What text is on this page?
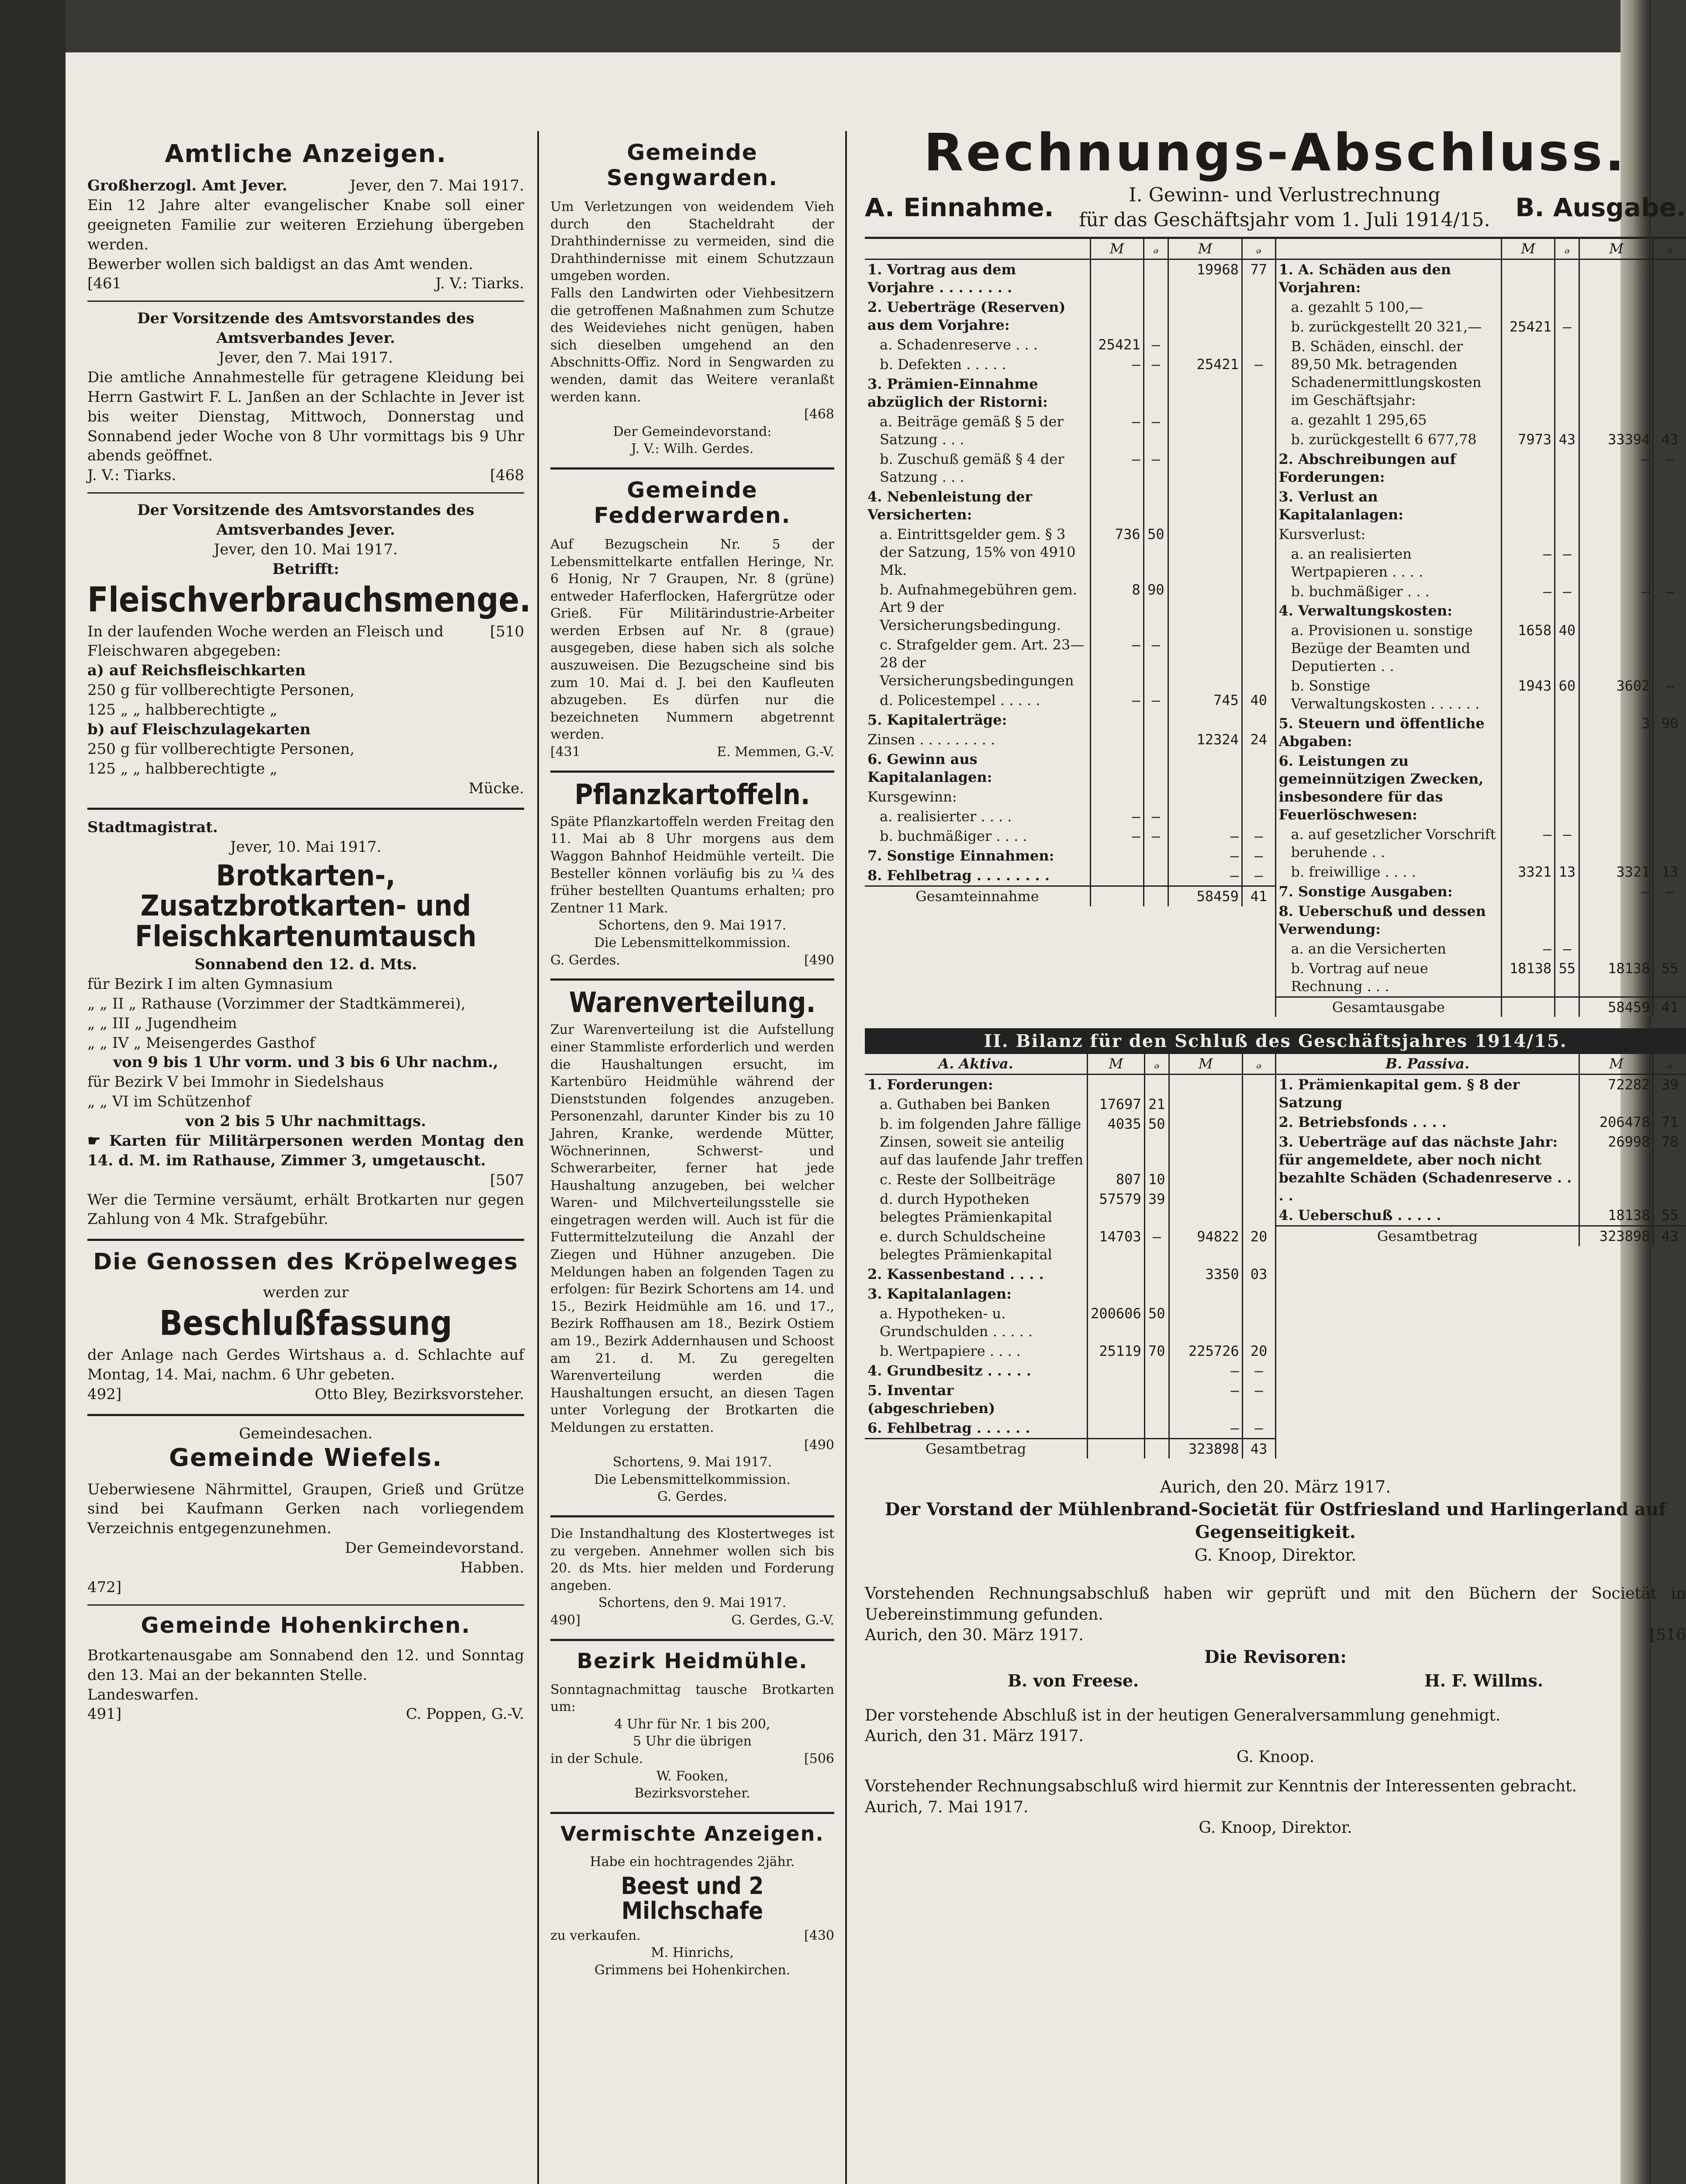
Amtliche Anzeigen.
Großherzogl. Amt Jever.	Jever, den 7. Mai 1917.

Ein 12 Jahre alter evangelischer Knabe soll einer geeigneten Familie zur weiteren Erziehung übergeben werden.

Bewerber wollen sich baldigst an das Amt wenden.

[461	J. V.: Tiarks.

Der Vorsitzende des Amtsvorstandes des Amtsverbandes Jever.

Jever, den 7. Mai 1917.

Die amtliche Annahmestelle für getragene Kleidung bei Herrn Gastwirt F. L. Janßen an der Schlachte in Jever ist bis weiter Dienstag, Mittwoch, Donnerstag und Sonnabend jeder Woche von 8 Uhr vormittags bis 9 Uhr abends geöffnet.

J. V.: Tiarks.	[468

Der Vorsitzende des Amtsvorstandes des Amtsverbandes Jever.

Jever, den 10. Mai 1917.

Betrifft:

Fleischverbrauchsmenge.
In der laufenden Woche werden an Fleisch und Fleischwaren abgegeben:
[510

a) auf Reichsfleischkarten

250 g für vollberechtigte Personen,

125 „ „ halbberechtigte „

b) auf Fleischzulagekarten

250 g für vollberechtigte Personen,

125 „ „ halbberechtigte „

Mücke.

Stadtmagistrat.

Jever, 10. Mai 1917.

Brotkarten-, Zusatzbrotkarten- und Fleischkartenumtausch

Sonnabend den 12. d. Mts.

für Bezirk I im alten Gymnasium

„ „ II „ Rathause (Vorzimmer der Stadtkämmerei),

„ „ III „ Jugendheim

„ „ IV „ Meisengerdes Gasthof

von 9 bis 1 Uhr vorm. und 3 bis 6 Uhr nachm.,

für Bezirk V bei Immohr in Siedelshaus

„ „ VI im Schützenhof

von 2 bis 5 Uhr nachmittags.

☛ Karten für Militärpersonen werden Montag den 14. d. M. im Rathause, Zimmer 3, umgetauscht.

[507

Wer die Termine versäumt, erhält Brotkarten nur gegen Zahlung von 4 Mk. Strafgebühr.

Die Genossen des Kröpelweges

werden zur

Beschlußfassung

der Anlage nach Gerdes Wirtshaus a. d. Schlachte auf Montag, 14. Mai, nachm. 6 Uhr gebeten.

492]	Otto Bley, Bezirksvorsteher.

Gemeindesachen.

Gemeinde Wiefels.

Ueberwiesene Nährmittel, Graupen, Grieß und Grütze sind bei Kaufmann Gerken nach vorliegendem Verzeichnis entgegenzunehmen.

Der Gemeindevorstand.

Habben.

472]

Gemeinde Hohenkirchen.

Brotkartenausgabe am Sonnabend den 12. und Sonntag den 13. Mai an der bekannten Stelle.

Landeswarfen.

491]	C. Poppen, G.-V.
Gemeinde Sengwarden.

Um Verletzungen von weidendem Vieh durch den Stacheldraht der Drahthindernisse zu vermeiden, sind die Drahthindernisse mit einem Schutzzaun umgeben worden.

Falls den Landwirten oder Viehbesitzern die getroffenen Maßnahmen zum Schutze des Weideviehes nicht genügen, haben sich dieselben umgehend an den Abschnitts-Offiz. Nord in Sengwarden zu wenden, damit das Weitere veranlaßt werden kann.

[468

Der Gemeindevorstand:

J. V.: Wilh. Gerdes.

Gemeinde Fedderwarden.

Auf Bezugschein Nr. 5 der Lebensmittelkarte entfallen Heringe, Nr. 6 Honig, Nr 7 Graupen, Nr. 8 (grüne) entweder Haferflocken, Hafergrütze oder Grieß. Für Militärindustrie-Arbeiter werden Erbsen auf Nr. 8 (graue) ausgegeben, diese haben sich als solche auszuweisen. Die Bezugscheine sind bis zum 10. Mai d. J. bei den Kaufleuten abzugeben. Es dürfen nur die bezeichneten Nummern abgetrennt werden.

[431	E. Memmen, G.-V.
Pflanzkartoffeln.

Späte Pflanzkartoffeln werden Freitag den 11. Mai ab 8 Uhr morgens aus dem Waggon Bahnhof Heidmühle verteilt. Die Besteller können vorläufig bis zu ¼ des früher bestellten Quantums erhalten; pro Zentner 11 Mark.

Schortens, den 9. Mai 1917.

Die Lebensmittelkommission.

G. Gerdes.	[490
Warenverteilung.

Zur Warenverteilung ist die Aufstellung einer Stammliste erforderlich und werden die Haushaltungen ersucht, im Kartenbüro Heidmühle während der Dienststunden folgendes anzugeben. Personenzahl, darunter Kinder bis zu 10 Jahren, Kranke, werdende Mütter, Wöchnerinnen, Schwerst- und Schwerarbeiter, ferner hat jede Haushaltung anzugeben, bei welcher Waren- und Milchverteilungsstelle sie eingetragen werden will. Auch ist für die Futtermittelzuteilung die Anzahl der Ziegen und Hühner anzugeben. Die Meldungen haben an folgenden Tagen zu erfolgen: für Bezirk Schortens am 14. und 15., Bezirk Heidmühle am 16. und 17., Bezirk Roffhausen am 18., Bezirk Ostiem am 19., Bezirk Addernhausen und Schoost am 21. d. M. Zu geregelten Warenverteilung werden die Haushaltungen ersucht, an diesen Tagen unter Vorlegung der Brotkarten die Meldungen zu erstatten.

[490

Schortens, 9. Mai 1917.

Die Lebensmittelkommission.

G. Gerdes.

Die Instandhaltung des Klostertweges ist zu vergeben. Annehmer wollen sich bis 20. ds Mts. hier melden und Forderung angeben.

Schortens, den 9. Mai 1917.

490]	G. Gerdes, G.-V.
Bezirk Heidmühle.

Sonntagnachmittag tausche Brotkarten um:

4 Uhr für Nr. 1 bis 200,

5 Uhr die übrigen

in der Schule.	[506

W. Fooken,

Bezirksvorsteher.

Vermischte Anzeigen.

Habe ein hochtragendes 2jähr.

Beest und 2 Milchschafe
zu verkaufen.	[430

M. Hinrichs,

Grimmens bei Hohenkirchen.

Rechnungs-Abschluss.
A. Einnahme.	I. Gewinn- und Verlustrechnung
für das Geschäftsjahr vom 1. Juli 1914/15. B. Ausgabe.
	M	ₔ	M	ₔ
1. Vortrag aus dem Vorjahre . . . . . . . .			19968	77
2. Ueberträge (Reserven) aus dem Vorjahre:				
a. Schadenreserve . . .	25421	—		
b. Defekten . . . . .	—	—	25421	—
3. Prämien-Einnahme abzüglich der Ristorni:				
a. Beiträge gemäß § 5 der Satzung . . .	—	—		
b. Zuschuß gemäß § 4 der Satzung . . .	—	—		
4. Nebenleistung der Versicherten:				
a. Eintrittsgelder gem. § 3 der Satzung, 15% von 4910 Mk.	736	50		
b. Aufnahmegebühren gem. Art 9 der Versicherungsbedingung.	8	90		
c. Strafgelder gem. Art. 23—28 der Versicherungsbedingungen	—	—		
d. Policestempel . . . . .	—	—	745	40
5. Kapitalerträge:				
Zinsen . . . . . . . . .			12324	24
6. Gewinn aus Kapitalanlagen:				
Kursgewinn:				
a. realisierter . . . .	—	—		
b. buchmäßiger . . . .	—	—	—	—
7. Sonstige Einnahmen:			—	—
8. Fehlbetrag . . . . . . . .			—	—
Gesamteinnahme			58459	41
	M	ₔ	M	ₔ
1. A. Schäden aus den Vorjahren:				
a. gezahlt 5 100,—				
b. zurückgestellt 20 321,—	25421	—		
B. Schäden, einschl. der 89,50 Mk. betragenden Schadenermittlungskosten im Geschäftsjahr:				
a. gezahlt 1 295,65				
b. zurückgestellt 6 677,78	7973	43	33394	43
2. Abschreibungen auf Forderungen:			—	—
3. Verlust an Kapitalanlagen:				
Kursverlust:				
a. an realisierten Wertpapieren . . . .	—	—		
b. buchmäßiger . . .	—	—	—	—
4. Verwaltungskosten:				
a. Provisionen u. sonstige Bezüge der Beamten und Deputierten . .	1658	40		
b. Sonstige Verwaltungskosten . . . . . .	1943	60	3602	—
5. Steuern und öffentliche Abgaben:			3	90
6. Leistungen zu gemeinnützigen Zwecken, insbesondere für das Feuerlöschwesen:				
a. auf gesetzlicher Vorschrift beruhende . .	—	—		
b. freiwillige . . . .	3321	13	3321	13
7. Sonstige Ausgaben:			—	—
8. Ueberschuß und dessen Verwendung:				
a. an die Versicherten	—	—		
b. Vortrag auf neue Rechnung . . .	18138	55	18138	55
Gesamtausgabe			58459	41
II. Bilanz für den Schluß des Geschäftsjahres 1914/15.
A. Aktiva.	M	ₔ	M	ₔ
1. Forderungen:				
a. Guthaben bei Banken	17697	21		
b. im folgenden Jahre fällige Zinsen, soweit sie anteilig auf das laufende Jahr treffen	4035	50		
c. Reste der Sollbeiträge	807	10		
d. durch Hypotheken belegtes Prämienkapital	57579	39		
e. durch Schuldscheine belegtes Prämienkapital	14703	—	94822	20
2. Kassenbestand . . . .			3350	03
3. Kapitalanlagen:				
a. Hypotheken- u. Grundschulden . . . . .	200606	50		
b. Wertpapiere . . . .	25119	70	225726	20
4. Grundbesitz . . . . .			—	—
5. Inventar (abgeschrieben)			—	—
6. Fehlbetrag . . . . . .			—	—
Gesamtbetrag			323898	43
B. Passiva.	M	ₔ
1. Prämienkapital gem. § 8 der Satzung	72282	39
2. Betriebsfonds . . . .	206478	71
3. Ueberträge auf das nächste Jahr: für angemeldete, aber noch nicht bezahlte Schäden (Schadenreserve . . . .	26998	78
4. Ueberschuß . . . . .	18138	55
Gesamtbetrag	323898	43

Aurich, den 20. März 1917.

Der Vorstand der Mühlenbrand-Societät für Ostfriesland und Harlingerland auf Gegenseitigkeit.

G. Knoop, Direktor.

Vorstehenden Rechnungsabschluß haben wir geprüft und mit den Büchern der Societät in Uebereinstimmung gefunden.

Aurich, den 30. März 1917.	[516

Die Revisoren:

B. von Freese.	H. F. Willms.

Der vorstehende Abschluß ist in der heutigen Generalversammlung genehmigt.

Aurich, den 31. März 1917.

G. Knoop.

Vorstehender Rechnungsabschluß wird hiermit zur Kenntnis der Interessenten gebracht.

Aurich, 7. Mai 1917.

G. Knoop, Direktor.
